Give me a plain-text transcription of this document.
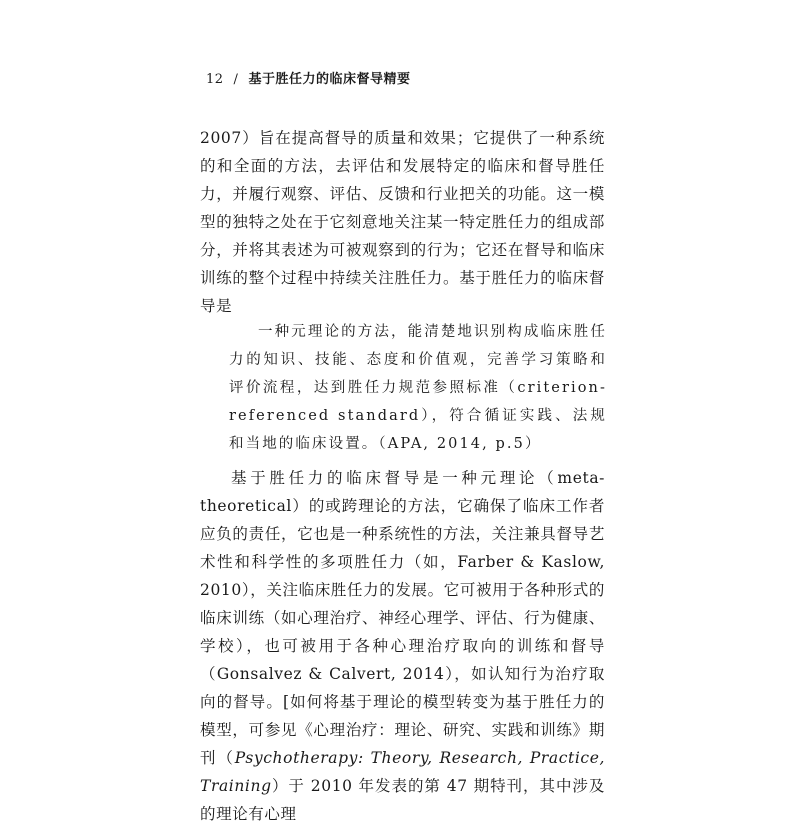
12 / 基于胜任力的临床督导精要
2007）旨在提高督导的质量和效果；它提供了一种系统的和全面的方法，去评估和发展特定的临床和督导胜任力，并履行观察、评估、反馈和行业把关的功能。这一模型的独特之处在于它刻意地关注某一特定胜任力的组成部分，并将其表述为可被观察到的行为；它还在督导和临床训练的整个过程中持续关注胜任力。基于胜任力的临床督导是
一种元理论的方法，能清楚地识别构成临床胜任力的知识、技能、态度和价值观，完善学习策略和评价流程，达到胜任力规范参照标准（criterion-referenced standard），符合循证实践、法规和当地的临床设置。（APA, 2014, p.5）
基于胜任力的临床督导是一种元理论（meta-theoretical）的或跨理论的方法，它确保了临床工作者应负的责任，它也是一种系统性的方法，关注兼具督导艺术性和科学性的多项胜任力（如，Farber & Kaslow, 2010），关注临床胜任力的发展。它可被用于各种形式的临床训练（如心理治疗、神经心理学、评估、行为健康、学校），也可被用于各种心理治疗取向的训练和督导（Gonsalvez & Calvert, 2014），如认知行为治疗取向的督导。[如何将基于理论的模型转变为基于胜任力的模型，可参见《心理治疗：理论、研究、实践和训练》期刊（Psychotherapy: Theory, Research, Practice, Training）于 2010 年发表的第 47 期特刊，其中涉及的理论有心理
